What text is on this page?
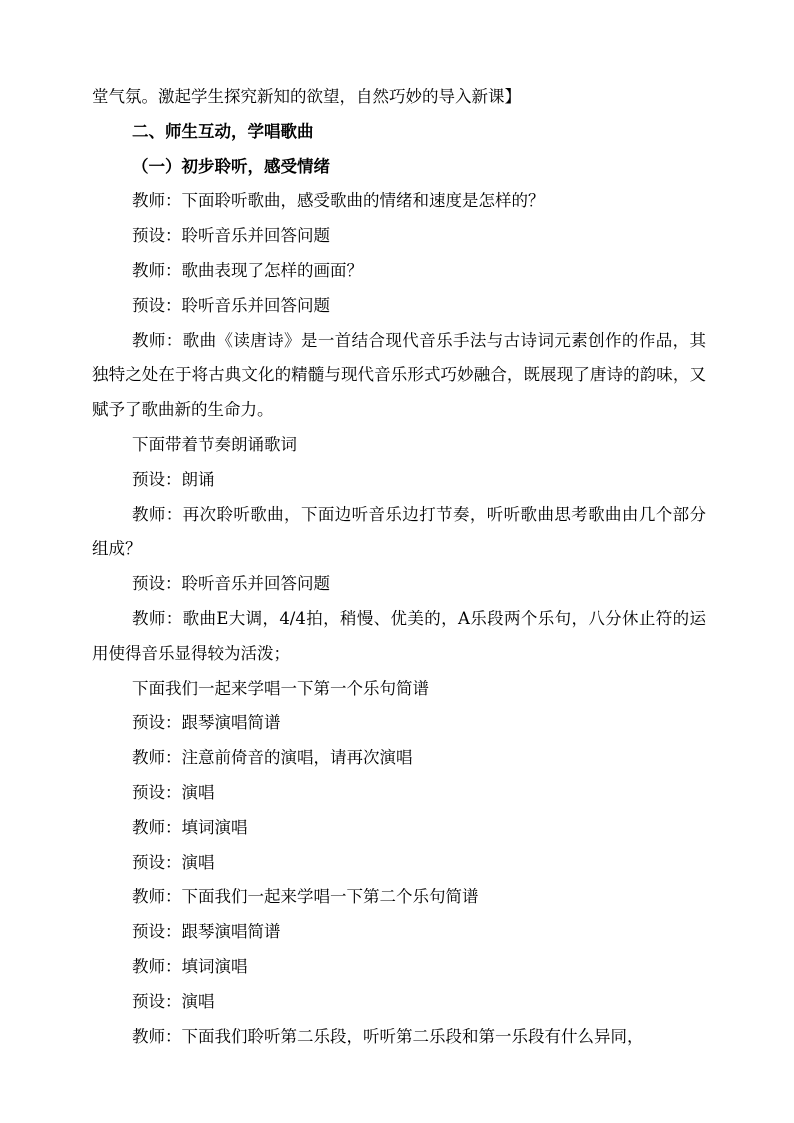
堂气氛。激起学生探究新知的欲望，自然巧妙的导入新课】

二、师生互动，学唱歌曲

（一）初步聆听，感受情绪

教师：下面聆听歌曲，感受歌曲的情绪和速度是怎样的？

预设：聆听音乐并回答问题

教师：歌曲表现了怎样的画面？

预设：聆听音乐并回答问题

教师：歌曲《读唐诗》是一首结合现代音乐手法与古诗词元素创作的作品，其独特之处在于将古典文化的精髓与现代音乐形式巧妙融合，既展现了唐诗的韵味，又赋予了歌曲新的生命力。

下面带着节奏朗诵歌词

预设：朗诵

教师：再次聆听歌曲，下面边听音乐边打节奏，听听歌曲思考歌曲由几个部分组成？

预设：聆听音乐并回答问题

教师：歌曲E大调，4/4拍，稍慢、优美的，A乐段两个乐句，八分休止符的运用使得音乐显得较为活泼；

下面我们一起来学唱一下第一个乐句简谱

预设：跟琴演唱简谱

教师：注意前倚音的演唱，请再次演唱

预设：演唱

教师：填词演唱

预设：演唱

教师：下面我们一起来学唱一下第二个乐句简谱

预设：跟琴演唱简谱

教师：填词演唱

预设：演唱

教师：下面我们聆听第二乐段，听听第二乐段和第一乐段有什么异同，
